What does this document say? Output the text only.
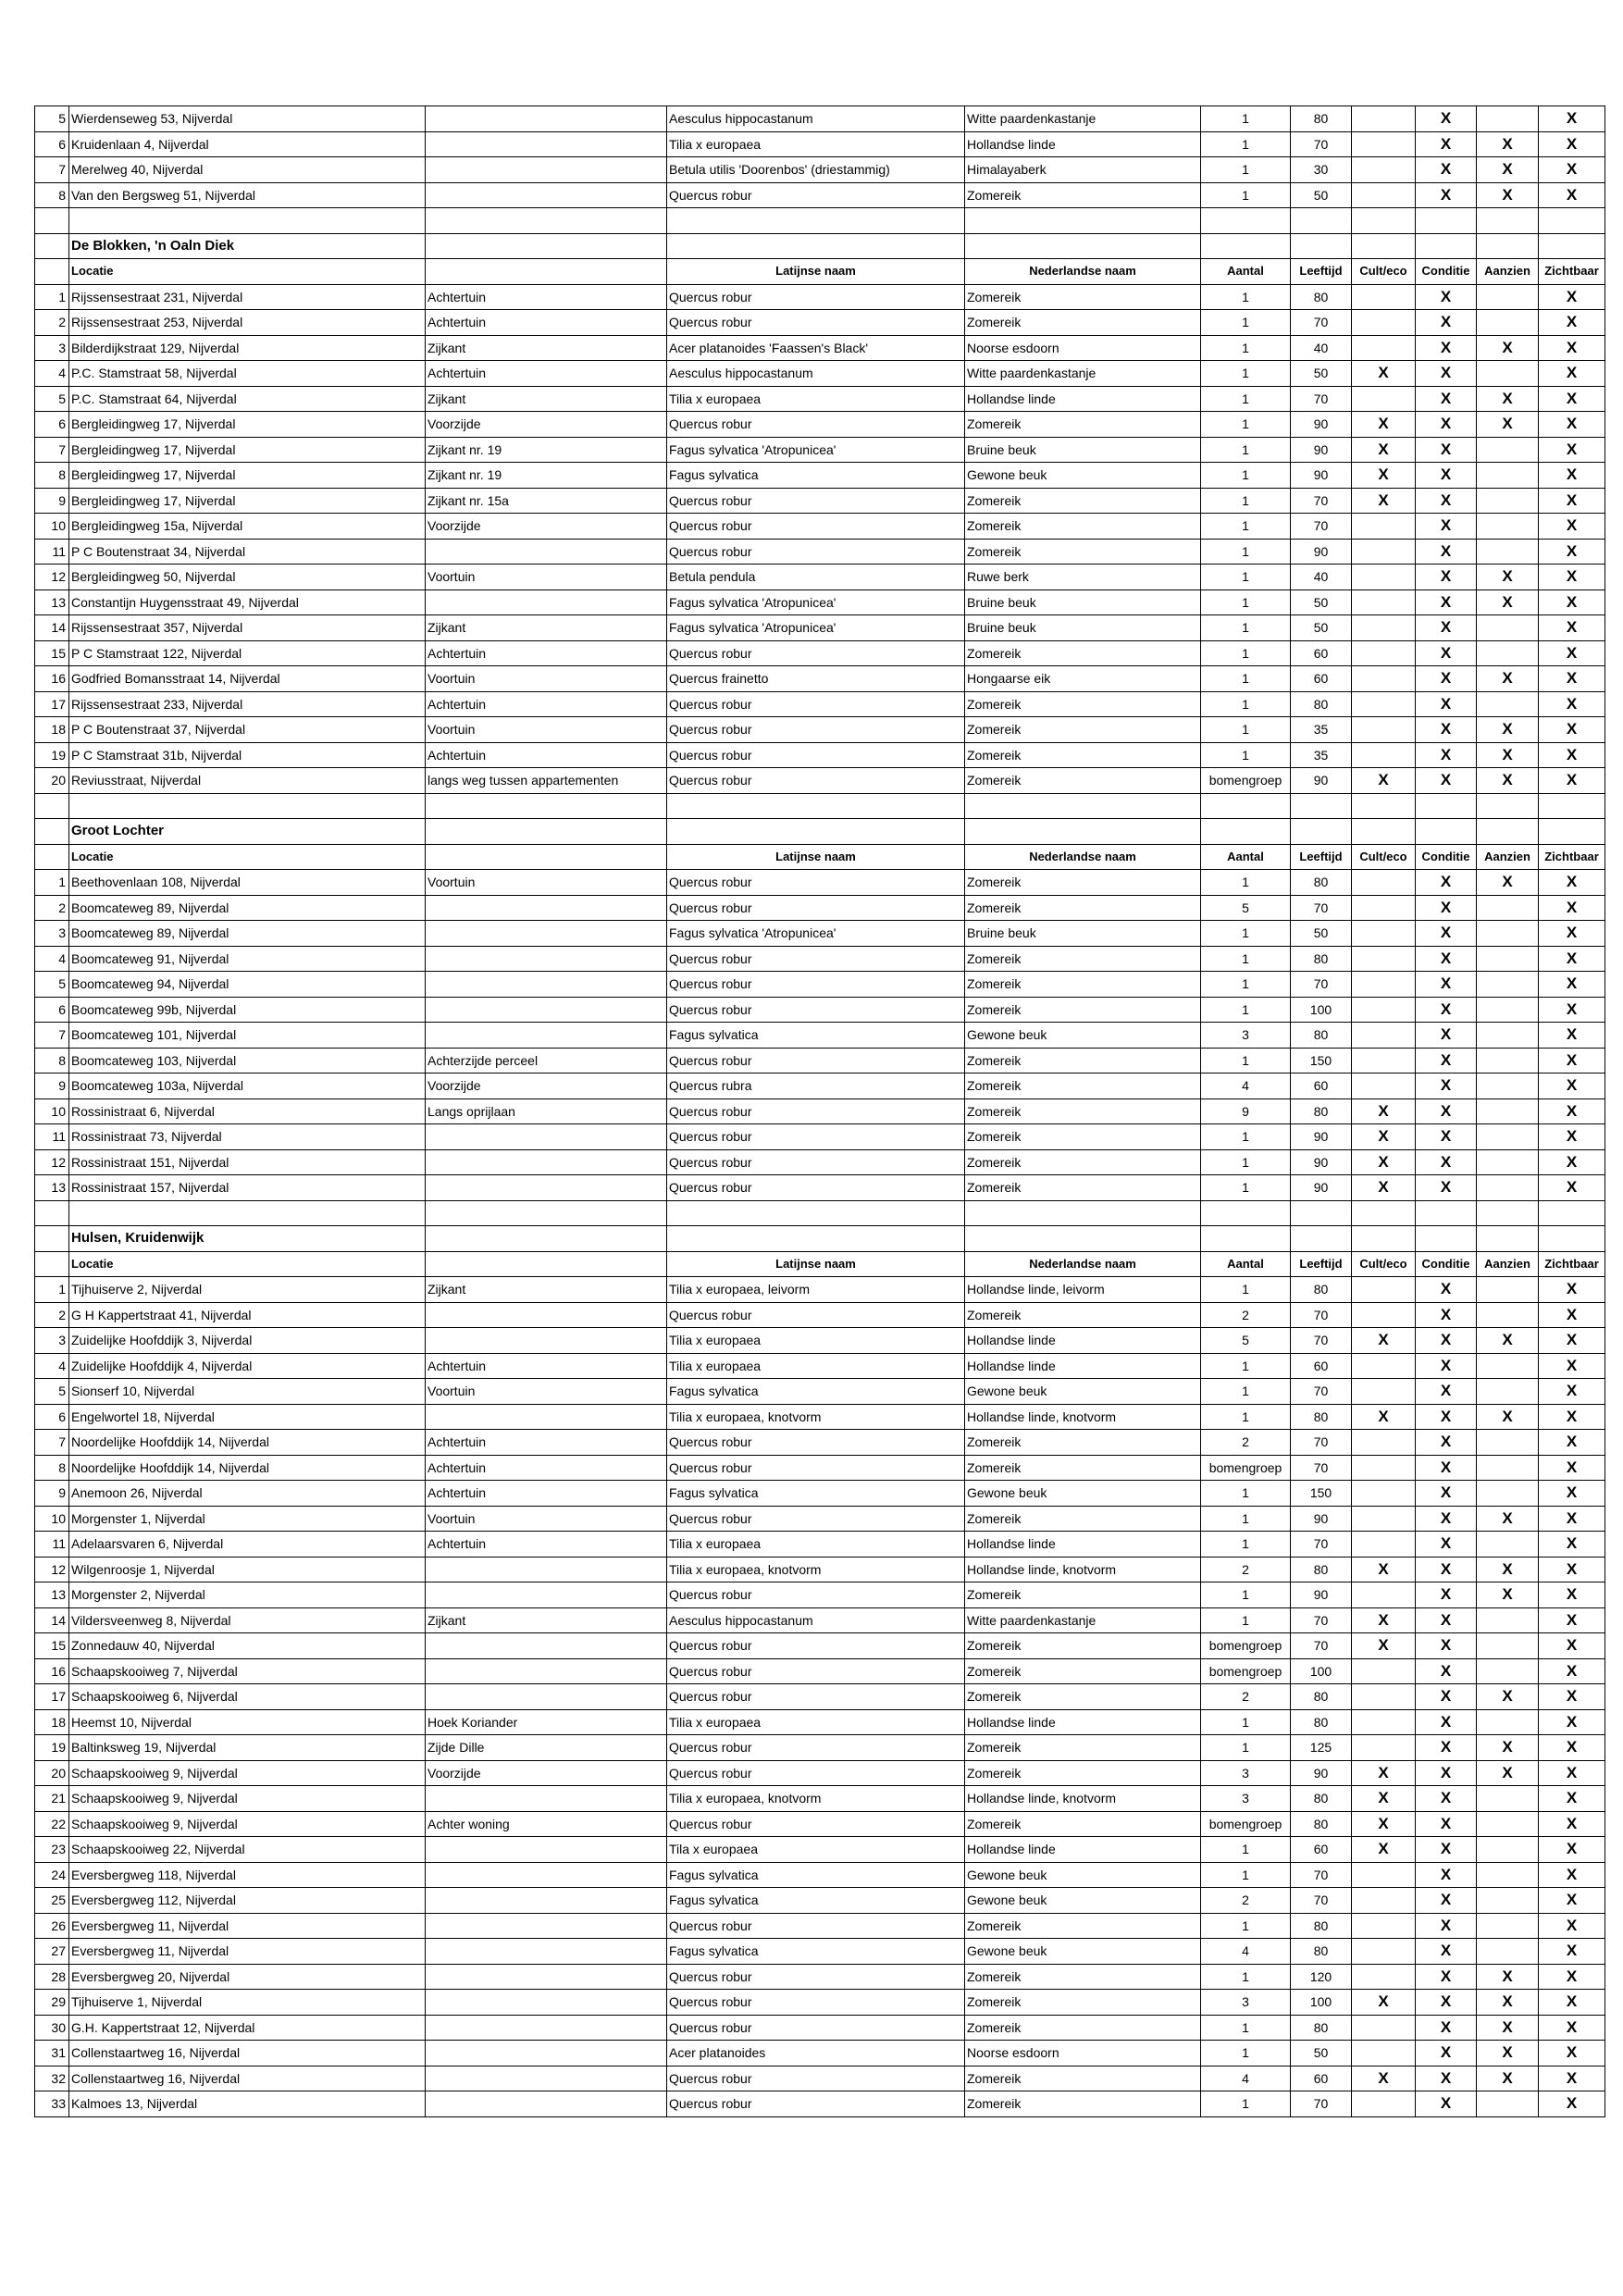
5	Wierdenseweg 53, Nijverdal		Aesculus hippocastanum	Witte paardenkastanje	1	80		X		X
6	Kruidenlaan 4, Nijverdal		Tilia x europaea	Hollandse linde	1	70		X	X	X
7	Merelweg 40, Nijverdal		Betula utilis 'Doorenbos' (driestammig)	Himalayaberk	1	30		X	X	X
8	Van den Bergsweg 51, Nijverdal		Quercus robur	Zomereik	1	50		X	X	X

	De Blokken, 'n Oaln Diek									
	Locatie		Latijnse naam	Nederlandse naam	Aantal	Leeftijd	Cult/eco	Conditie	Aanzien	Zichtbaar
1	Rijssensestraat 231, Nijverdal	Achtertuin	Quercus robur	Zomereik	1	80		X		X
2	Rijssensestraat 253, Nijverdal	Achtertuin	Quercus robur	Zomereik	1	70		X		X
3	Bilderdijkstraat 129, Nijverdal	Zijkant	Acer platanoides 'Faassen's Black'	Noorse esdoorn	1	40		X	X	X
4	P.C. Stamstraat 58, Nijverdal	Achtertuin	Aesculus hippocastanum	Witte paardenkastanje	1	50	X	X		X
5	P.C. Stamstraat 64, Nijverdal	Zijkant	Tilia x europaea	Hollandse linde	1	70		X	X	X
6	Bergleidingweg 17, Nijverdal	Voorzijde	Quercus robur	Zomereik	1	90	X	X	X	X
7	Bergleidingweg 17, Nijverdal	Zijkant nr. 19	Fagus sylvatica 'Atropunicea'	Bruine beuk	1	90	X	X		X
8	Bergleidingweg 17, Nijverdal	Zijkant nr. 19	Fagus sylvatica	Gewone beuk	1	90	X	X		X
9	Bergleidingweg 17, Nijverdal	Zijkant nr. 15a	Quercus robur	Zomereik	1	70	X	X		X
10	Bergleidingweg 15a, Nijverdal	Voorzijde	Quercus robur	Zomereik	1	70		X		X
11	P C Boutenstraat 34, Nijverdal		Quercus robur	Zomereik	1	90		X		X
12	Bergleidingweg 50, Nijverdal	Voortuin	Betula pendula	Ruwe berk	1	40		X	X	X
13	Constantijn Huygensstraat 49, Nijverdal		Fagus sylvatica 'Atropunicea'	Bruine beuk	1	50		X	X	X
14	Rijssensestraat 357, Nijverdal	Zijkant	Fagus sylvatica 'Atropunicea'	Bruine beuk	1	50		X		X
15	P C Stamstraat 122, Nijverdal	Achtertuin	Quercus robur	Zomereik	1	60		X		X
16	Godfried Bomansstraat 14, Nijverdal	Voortuin	Quercus frainetto	Hongaarse eik	1	60		X	X	X
17	Rijssensestraat 233, Nijverdal	Achtertuin	Quercus robur	Zomereik	1	80		X		X
18	P C Boutenstraat 37, Nijverdal	Voortuin	Quercus robur	Zomereik	1	35		X	X	X
19	P C Stamstraat 31b, Nijverdal	Achtertuin	Quercus robur	Zomereik	1	35		X	X	X
20	Reviusstraat, Nijverdal	langs weg tussen appartementen	Quercus robur	Zomereik	bomengroep	90	X	X	X	X

	Groot Lochter									
	Locatie		Latijnse naam	Nederlandse naam	Aantal	Leeftijd	Cult/eco	Conditie	Aanzien	Zichtbaar
1	Beethovenlaan 108, Nijverdal	Voortuin	Quercus robur	Zomereik	1	80		X	X	X
2	Boomcateweg 89, Nijverdal		Quercus robur	Zomereik	5	70		X		X
3	Boomcateweg 89, Nijverdal		Fagus sylvatica 'Atropunicea'	Bruine beuk	1	50		X		X
4	Boomcateweg 91, Nijverdal		Quercus robur	Zomereik	1	80		X		X
5	Boomcateweg 94, Nijverdal		Quercus robur	Zomereik	1	70		X		X
6	Boomcateweg 99b, Nijverdal		Quercus robur	Zomereik	1	100		X		X
7	Boomcateweg 101, Nijverdal		Fagus sylvatica	Gewone beuk	3	80		X		X
8	Boomcateweg 103, Nijverdal	Achterzijde perceel	Quercus robur	Zomereik	1	150		X		X
9	Boomcateweg 103a, Nijverdal	Voorzijde	Quercus rubra	Zomereik	4	60		X		X
10	Rossinistraat 6, Nijverdal	Langs oprijlaan	Quercus robur	Zomereik	9	80	X	X		X
11	Rossinistraat 73, Nijverdal		Quercus robur	Zomereik	1	90	X	X		X
12	Rossinistraat 151, Nijverdal		Quercus robur	Zomereik	1	90	X	X		X
13	Rossinistraat 157, Nijverdal		Quercus robur	Zomereik	1	90	X	X		X

	Hulsen, Kruidenwijk									
	Locatie		Latijnse naam	Nederlandse naam	Aantal	Leeftijd	Cult/eco	Conditie	Aanzien	Zichtbaar
1	Tijhuiserve 2, Nijverdal	Zijkant	Tilia x europaea, leivorm	Hollandse linde, leivorm	1	80		X		X
2	G H Kappertstraat 41, Nijverdal		Quercus robur	Zomereik	2	70		X		X
3	Zuidelijke Hoofddijk 3, Nijverdal		Tilia x europaea	Hollandse linde	5	70	X	X	X	X
4	Zuidelijke Hoofddijk 4, Nijverdal	Achtertuin	Tilia x europaea	Hollandse linde	1	60		X		X
5	Sionserf 10, Nijverdal	Voortuin	Fagus sylvatica	Gewone beuk	1	70		X		X
6	Engelwortel 18, Nijverdal		Tilia x europaea, knotvorm	Hollandse linde, knotvorm	1	80	X	X	X	X
7	Noordelijke Hoofddijk 14, Nijverdal	Achtertuin	Quercus robur	Zomereik	2	70		X		X
8	Noordelijke Hoofddijk 14, Nijverdal	Achtertuin	Quercus robur	Zomereik	bomengroep	70		X		X
9	Anemoon 26, Nijverdal	Achtertuin	Fagus sylvatica	Gewone beuk	1	150		X		X
10	Morgenster 1, Nijverdal	Voortuin	Quercus robur	Zomereik	1	90		X	X	X
11	Adelaarsvaren 6, Nijverdal	Achtertuin	Tilia x europaea	Hollandse linde	1	70		X		X
12	Wilgenroosje 1, Nijverdal		Tilia x europaea, knotvorm	Hollandse linde, knotvorm	2	80	X	X	X	X
13	Morgenster 2, Nijverdal		Quercus robur	Zomereik	1	90		X	X	X
14	Vildersveenweg 8, Nijverdal	Zijkant	Aesculus hippocastanum	Witte paardenkastanje	1	70	X	X		X
15	Zonnedauw 40, Nijverdal		Quercus robur	Zomereik	bomengroep	70	X	X		X
16	Schaapskooiweg 7, Nijverdal		Quercus robur	Zomereik	bomengroep	100		X		X
17	Schaapskooiweg 6, Nijverdal		Quercus robur	Zomereik	2	80		X	X	X
18	Heemst 10, Nijverdal	Hoek Koriander	Tilia x europaea	Hollandse linde	1	80		X		X
19	Baltinksweg 19, Nijverdal	Zijde Dille	Quercus robur	Zomereik	1	125		X	X	X
20	Schaapskooiweg 9, Nijverdal	Voorzijde	Quercus robur	Zomereik	3	90	X	X	X	X
21	Schaapskooiweg 9, Nijverdal		Tilia x europaea, knotvorm	Hollandse linde, knotvorm	3	80	X	X		X
22	Schaapskooiweg 9, Nijverdal	Achter woning	Quercus robur	Zomereik	bomengroep	80	X	X		X
23	Schaapskooiweg 22, Nijverdal		Tila x europaea	Hollandse linde	1	60	X	X		X
24	Eversbergweg 118, Nijverdal		Fagus sylvatica	Gewone beuk	1	70		X		X
25	Eversbergweg 112, Nijverdal		Fagus sylvatica	Gewone beuk	2	70		X		X
26	Eversbergweg 11, Nijverdal		Quercus robur	Zomereik	1	80		X		X
27	Eversbergweg 11, Nijverdal		Fagus sylvatica	Gewone beuk	4	80		X		X
28	Eversbergweg 20, Nijverdal		Quercus robur	Zomereik	1	120		X	X	X
29	Tijhuiserve 1, Nijverdal		Quercus robur	Zomereik	3	100	X	X	X	X
30	G.H. Kappertstraat 12, Nijverdal		Quercus robur	Zomereik	1	80		X	X	X
31	Collenstaartweg 16, Nijverdal		Acer platanoides	Noorse esdoorn	1	50		X	X	X
32	Collenstaartweg 16, Nijverdal		Quercus robur	Zomereik	4	60	X	X	X	X
33	Kalmoes 13, Nijverdal		Quercus robur	Zomereik	1	70		X		X
